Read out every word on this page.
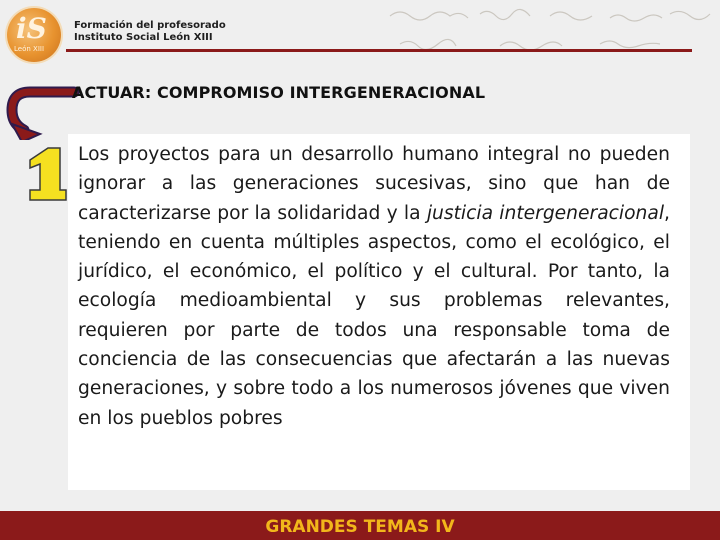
iS
León XIII
Formación del profesorado
Instituto Social León XIII
ACTUAR: COMPROMISO INTERGENERACIONAL

Los proyectos para un desarrollo humano integral no pueden ignorar a las generaciones sucesivas, sino que han de caracterizarse por la solidaridad y la justicia intergeneracional, teniendo en cuenta múltiples aspectos, como el ecológico, el jurídico, el económico, el político y el cultural. Por tanto, la ecología medioambiental y sus problemas relevantes, requieren por parte de todos una responsable toma de conciencia de las consecuencias que afectarán a las nuevas generaciones, y sobre todo a los numerosos jóvenes que viven en los pueblos pobres

GRANDES TEMAS IV
